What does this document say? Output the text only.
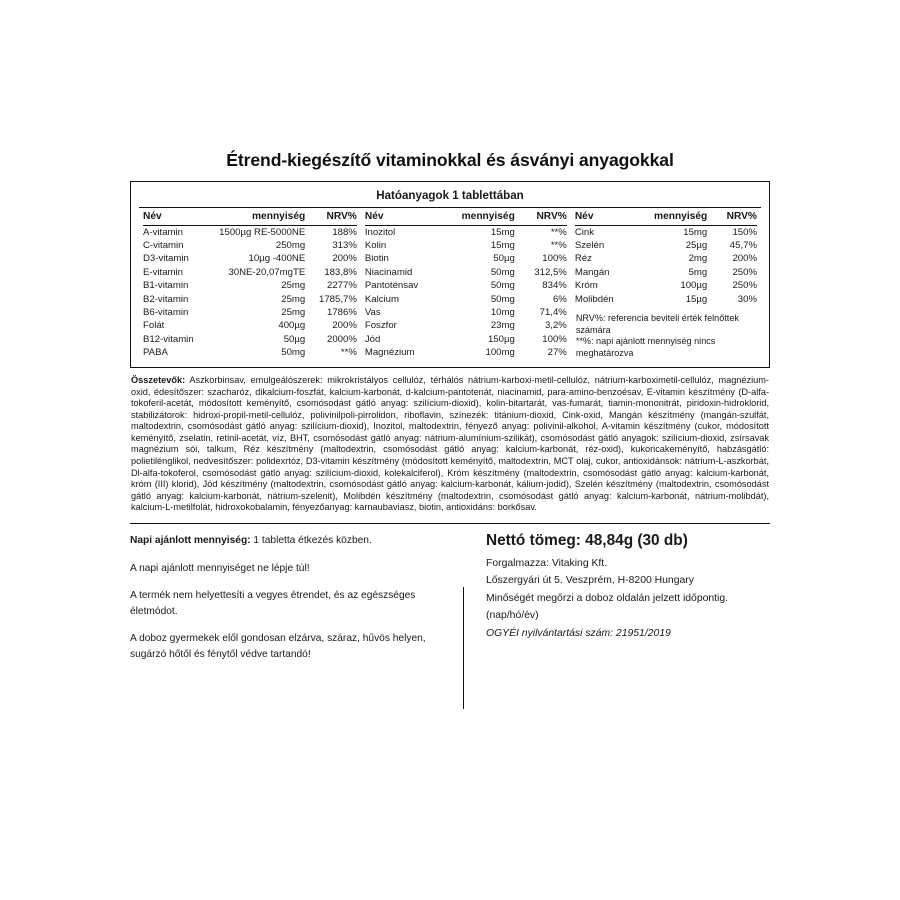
Étrend-kiegészítő vitaminokkal és ásványi anyagokkal
Hatóanyagok 1 tablettában
Név	mennyiség	NRV%
A-vitamin	1500µg RE-5000NE	188%
C-vitamin	250mg	313%
D3-vitamin	10µg -400NE	200%
E-vitamin	30NE-20,07mgTE	183,8%
B1-vitamin	25mg	2277%
B2-vitamin	25mg	1785,7%
B6-vitamin	25mg	1786%
Folát	400µg	200%
B12-vitamin	50µg	2000%
PABA	50mg	**%
Név	mennyiség	NRV%
Inozitol	15mg	**%
Kolin	15mg	**%
Biotin	50µg	100%
Niacinamid	50mg	312,5%
Pantoténsav	50mg	834%
Kalcium	50mg	6%
Vas	10mg	71,4%
Foszfor	23mg	3,2%
Jód	150µg	100%
Magnézium	100mg	27%
Név	mennyiség	NRV%
Cink	15mg	150%
Szelén	25µg	45,7%
Réz	2mg	200%
Mangán	5mg	250%
Króm	100µg	250%
Molibdén	15µg	30%
NRV%: referencia beviteli érték felnőttek számára
**%: napi ajánlott mennyiség nincs meghatározva
Összetevők: Aszkorbinsav, emulgeálószerek: mikrokristályos cellulóz, térhálós nátrium-karboxi-metil-cellulóz, nátrium-karboximetil-cellulóz, magnézium-oxid, édesítőszer: szacharóz, dikalcium-foszfát, kalcium-karbonát, d-kalcium-pantotenát, niacinamid, para-amino-benzoésav, E-vitamin készítmény (D-alfa-tokoferil-acetát, módosított keményítő, csomósodást gátló anyag: szilícium-dioxid), kolin-bitartarát, vas-fumarát, tiamin-mononitrát, piridoxin-hidroklorid, stabilizátorok: hidroxi-propil-metil-cellulóz, polivinilpoli-pirrolidon, riboflavin, színezék: titánium-dioxid, Cink-oxid, Mangán készítmény (mangán-szulfát, maltodextrin, csomósodást gátló anyag: szilícium-dioxid), Inozitol, maltodextrin, fényező anyag: polivinil-alkohol, A-vitamin készítmény (cukor, módosított keményítő, zselatin, retinil-acetát, víz, BHT, csomósodást gátló anyag: nátrium-alumínium-szilikát), csomósodást gátló anyagok: szilícium-dioxid, zsírsavak magnézium sói, talkum, Réz készítmény (maltodextrin, csomósodást gátló anyag: kalcium-karbonát, réz-oxid), kukoricakeményítő, habzásgátló: polietilénglikol, nedvesítőszer: polidexrtóz, D3-vitamin készítmény (módosított keményítő, maltodextrin, MCT olaj, cukor, antioxidánsok: nátrium-L-aszkorbát, Dl-alfa-tokoferol, csomósodást gátló anyag: szilícium-dioxid, kolekalciferol), Króm készítmény (maltodextrin, csomósodást gátló anyag: kalcium-karbonát, króm (III) klorid), Jód készítmény (maltodextrin, csomósodást gátló anyag: kalcium-karbonát, kálium-jodid), Szelén készítmény (maltodextrin, csomósodást gátló anyag: kalcium-karbonát, nátrium-szelenit), Molibdén készítmény (maltodextrin, csomósodást gátló anyag: kalcium-karbonát, nátrium-molibdát), kalcium-L-metilfolát, hidroxokobalamin, fényezőanyag: karnaubaviasz, biotin, antioxidáns: borkősav.

Napi ajánlott mennyiség: 1 tabletta étkezés közben.

A napi ajánlott mennyiséget ne lépje túl!

A termék nem helyettesíti a vegyes étrendet, és az egészséges életmódot.

A doboz gyermekek elől gondosan elzárva, száraz, hűvös helyen, sugárzó hőtől és fénytől védve tartandó!

Nettó tömeg: 48,84g (30 db)

Forgalmazza: Vitaking Kft.

Lőszergyári út 5. Veszprém, H-8200 Hungary

Minőségét megőrzi a doboz oldalán jelzett időpontig.

(nap/hó/év)

OGYÉI nyilvántartási szám: 21951/2019
